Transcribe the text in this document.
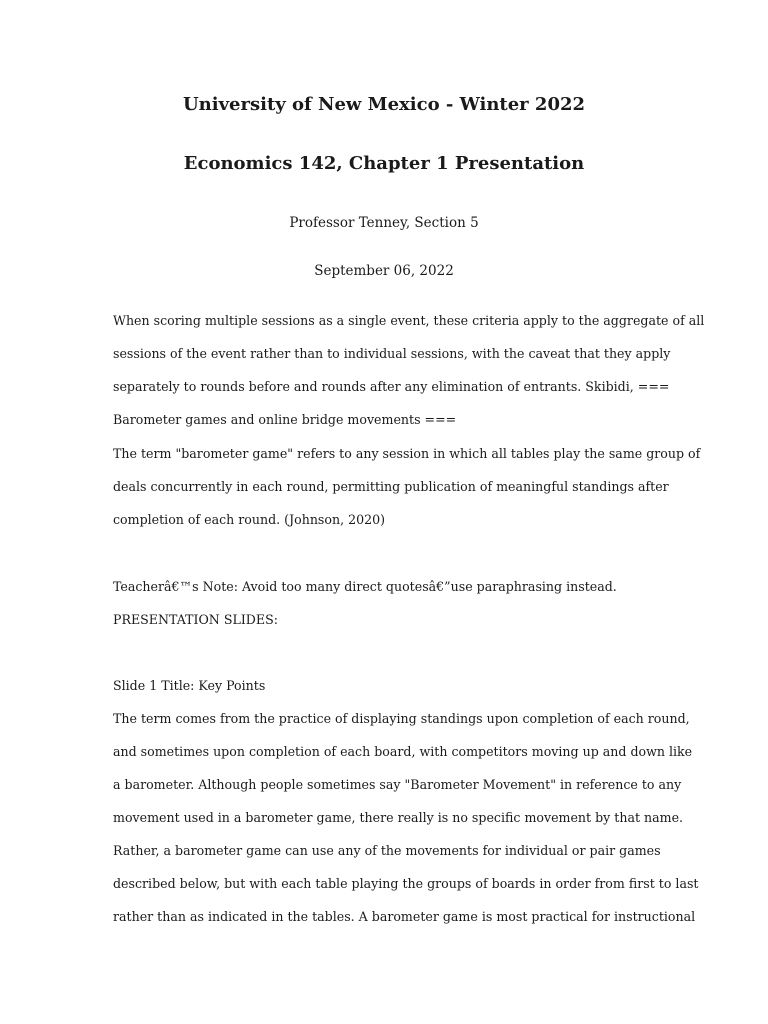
University of New Mexico - Winter 2022
Economics 142, Chapter 1 Presentation

Professor Tenney, Section 5

September 06, 2022

When scoring multiple sessions as a single event, these criteria apply to the aggregate of all
sessions of the event rather than to individual sessions, with the caveat that they apply
separately to rounds before and rounds after any elimination of entrants. Skibidi, ===
Barometer games and online bridge movements ===
The term "barometer game" refers to any session in which all tables play the same group of
deals concurrently in each round, permitting publication of meaningful standings after
completion of each round. (Johnson, 2020)

Teacherâ€™s Note: Avoid too many direct quotesâ€”use paraphrasing instead.

PRESENTATION SLIDES:

Slide 1 Title: Key Points

The term comes from the practice of displaying standings upon completion of each round,
and sometimes upon completion of each board, with competitors moving up and down like
a barometer. Although people sometimes say "Barometer Movement" in reference to any
movement used in a barometer game, there really is no specific movement by that name.
Rather, a barometer game can use any of the movements for individual or pair games
described below, but with each table playing the groups of boards in order from first to last
rather than as indicated in the tables. A barometer game is most practical for instructional
